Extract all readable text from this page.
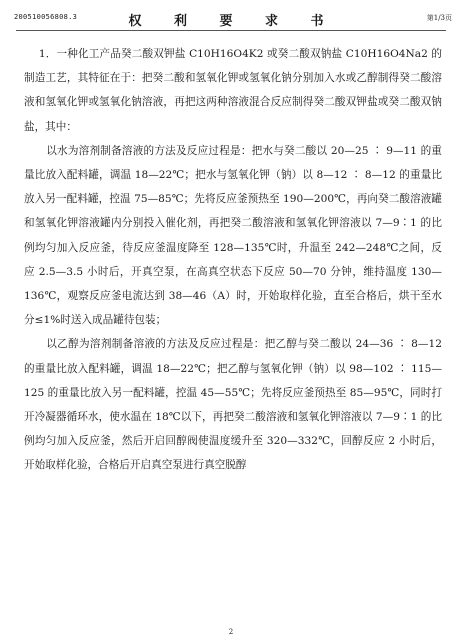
200510056808.3	权 利 要 求 书	第1/3页

1．一种化工产品癸二酸双钾盐 C10H16O4K2 或癸二酸双钠盐 C10H16O4Na2 的制造工艺，其特征在于：把癸二酸和氢氧化钾或氢氧化钠分别加入水或乙醇制得癸二酸溶液和氢氧化钾或氢氧化钠溶液，再把这两种溶液混合反应制得癸二酸双钾盐或癸二酸双钠盐，其中：

以水为溶剂制备溶液的方法及反应过程是：把水与癸二酸以 20—25 ∶ 9—11 的重量比放入配料罐，调温 18—22℃；把水与氢氧化钾（钠）以 8—12 ∶ 8—12 的重量比放入另一配料罐，控温 75—85℃；先将反应釜预热至 190—200℃，再向癸二酸溶液罐和氢氧化钾溶液罐内分别投入催化剂，再把癸二酸溶液和氢氧化钾溶液以 7—9∶1 的比例均匀加入反应釜，待反应釜温度降至 128—135℃时，升温至 242—248℃之间，反应 2.5—3.5 小时后，开真空泵，在高真空状态下反应 50—70 分钟，维持温度 130—136℃，观察反应釜电流达到 38—46（A）时，开始取样化验，直至合格后，烘干至水分≤1%时送入成品罐待包装；

以乙醇为溶剂制备溶液的方法及反应过程是：把乙醇与癸二酸以 24—36 ∶ 8—12 的重量比放入配料罐，调温 18—22℃；把乙醇与氢氧化钾（钠）以 98—102 ∶ 115—125 的重量比放入另一配料罐，控温 45—55℃；先将反应釜预热至 85—95℃，同时打开冷凝器循环水，使水温在 18℃以下，再把癸二酸溶液和氢氧化钾溶液以 7—9∶1 的比例均匀加入反应釜，然后开启回醇阀使温度缓升至 320—332℃，回醇反应 2 小时后，开始取样化验，合格后开启真空泵进行真空脱醇

2
